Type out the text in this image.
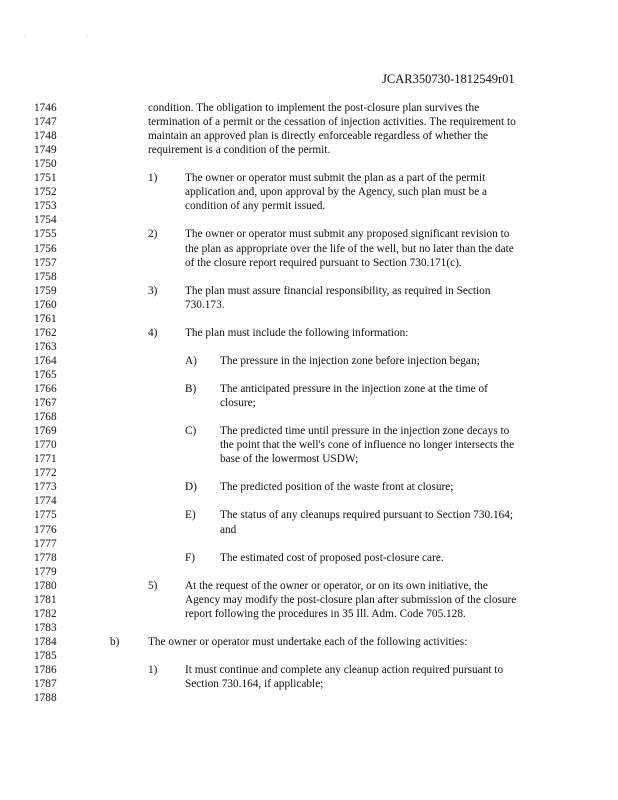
· ·
JCAR350730-1812549r01
1746	condition. The obligation to implement the post-closure plan survives the
1747	termination of a permit or the cessation of injection activities. The requirement to
1748	maintain an approved plan is directly enforceable regardless of whether the
1749	requirement is a condition of the permit.
1750
1751	1) The owner or operator must submit the plan as a part of the permit
1752	application and, upon approval by the Agency, such plan must be a
1753	condition of any permit issued.
1754
1755	2) The owner or operator must submit any proposed significant revision to
1756	the plan as appropriate over the life of the well, but no later than the date
1757	of the closure report required pursuant to Section 730.171(c).
1758
1759	3) The plan must assure financial responsibility, as required in Section
1760	730.173.
1761
1762	4) The plan must include the following information:
1763
1764	A) The pressure in the injection zone before injection began;
1765
1766	B) The anticipated pressure in the injection zone at the time of
1767	closure;
1768
1769	C) The predicted time until pressure in the injection zone decays to
1770	the point that the well's cone of influence no longer intersects the
1771	base of the lowermost USDW;
1772
1773	D) The predicted position of the waste front at closure;
1774
1775	E) The status of any cleanups required pursuant to Section 730.164;
1776	and
1777
1778	F) The estimated cost of proposed post-closure care.
1779
1780	5) At the request of the owner or operator, or on its own initiative, the
1781	Agency may modify the post-closure plan after submission of the closure
1782	report following the procedures in 35 Ill. Adm. Code 705.128.
1783
1784	b)	The owner or operator must undertake each of the following activities:
1785
1786	1) It must continue and complete any cleanup action required pursuant to
1787	Section 730.164, if applicable;
1788
